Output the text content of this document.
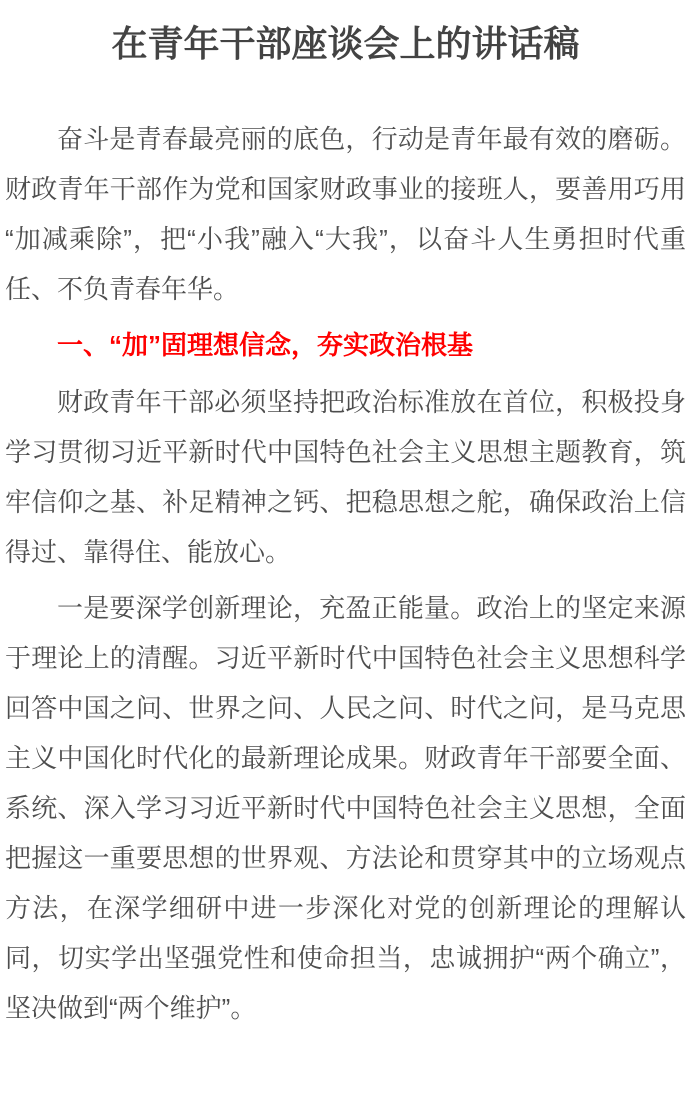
在青年干部座谈会上的讲话稿

奋斗是青春最亮丽的底色，行动是青年最有效的磨砺。财政青年干部作为党和国家财政事业的接班人，要善用巧用“加减乘除”，把“小我”融入“大我”，以奋斗人生勇担时代重任、不负青春年华。

一、“加”固理想信念，夯实政治根基

财政青年干部必须坚持把政治标准放在首位，积极投身学习贯彻习近平新时代中国特色社会主义思想主题教育，筑牢信仰之基、补足精神之钙、把稳思想之舵，确保政治上信得过、靠得住、能放心。

一是要深学创新理论，充盈正能量。政治上的坚定来源于理论上的清醒。习近平新时代中国特色社会主义思想科学回答中国之问、世界之问、人民之问、时代之问，是马克思主义中国化时代化的最新理论成果。财政青年干部要全面、系统、深入学习习近平新时代中国特色社会主义思想，全面把握这一重要思想的世界观、方法论和贯穿其中的立场观点方法，在深学细研中进一步深化对党的创新理论的理解认同，切实学出坚强党性和使命担当，忠诚拥护“两个确立”，坚决做到“两个维护”。
